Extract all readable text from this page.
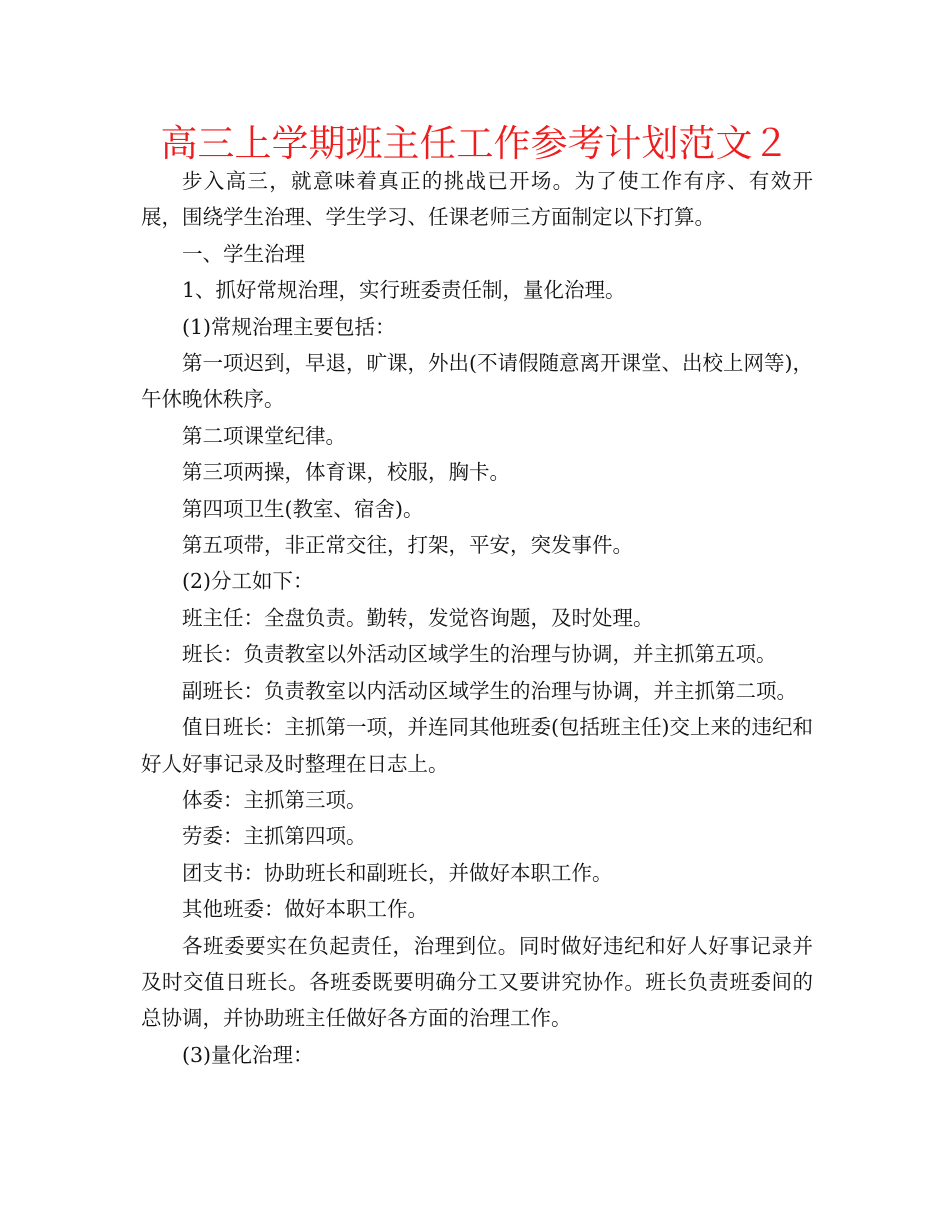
高三上学期班主任工作参考计划范文２

步入高三，就意味着真正的挑战已开场。为了使工作有序、有效开展，围绕学生治理、学生学习、任课老师三方面制定以下打算。

一、学生治理

1、抓好常规治理，实行班委责任制，量化治理。

(1)常规治理主要包括：

第一项迟到，早退，旷课，外出(不请假随意离开课堂、出校上网等)，午休晚休秩序。

第二项课堂纪律。

第三项两操，体育课，校服，胸卡。

第四项卫生(教室、宿舍)。

第五项带，非正常交往，打架，平安，突发事件。

(2)分工如下：

班主任：全盘负责。勤转，发觉咨询题，及时处理。

班长：负责教室以外活动区域学生的治理与协调，并主抓第五项。

副班长：负责教室以内活动区域学生的治理与协调，并主抓第二项。

值日班长：主抓第一项，并连同其他班委(包括班主任)交上来的违纪和好人好事记录及时整理在日志上。

体委：主抓第三项。

劳委：主抓第四项。

团支书：协助班长和副班长，并做好本职工作。

其他班委：做好本职工作。

各班委要实在负起责任，治理到位。同时做好违纪和好人好事记录并及时交值日班长。各班委既要明确分工又要讲究协作。班长负责班委间的总协调，并协助班主任做好各方面的治理工作。

(3)量化治理：
